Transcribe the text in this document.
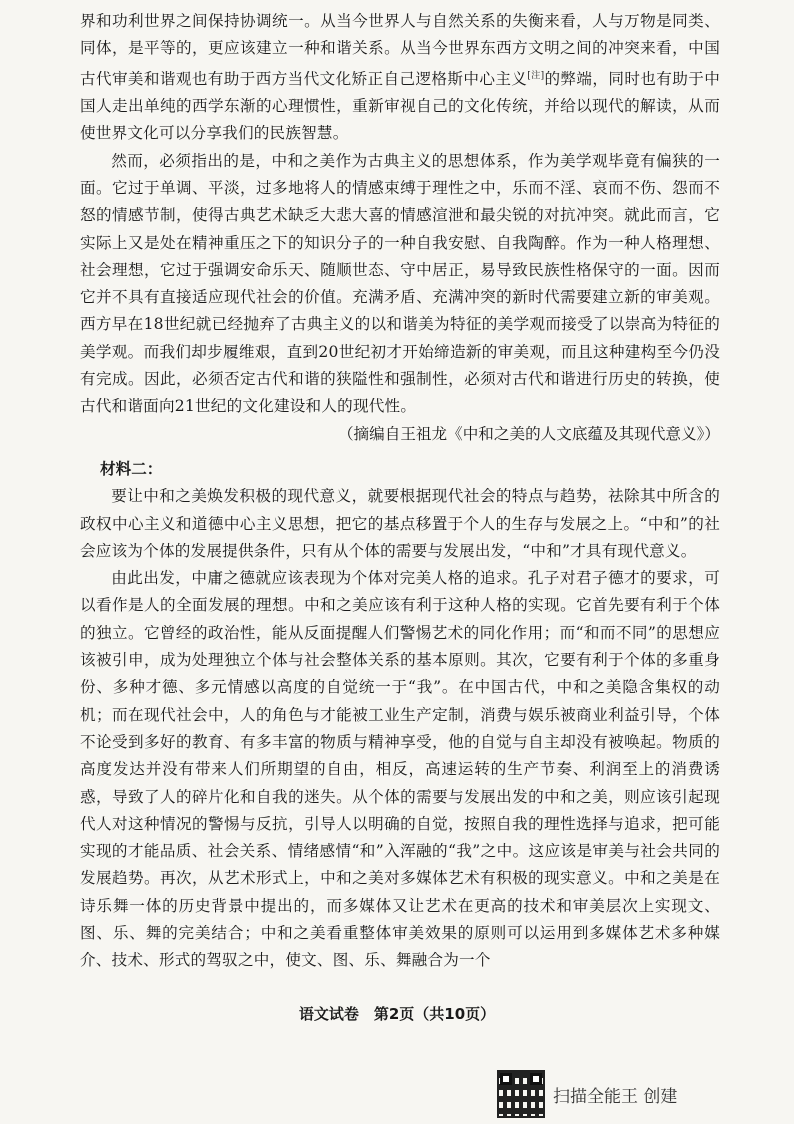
界和功利世界之间保持协调统一。从当今世界人与自然关系的失衡来看，人与万物是同类、同体，是平等的，更应该建立一种和谐关系。从当今世界东西方文明之间的冲突来看，中国古代审美和谐观也有助于西方当代文化矫正自己逻格斯中心主义[注]的弊端，同时也有助于中国人走出单纯的西学东渐的心理惯性，重新审视自己的文化传统，并给以现代的解读，从而使世界文化可以分享我们的民族智慧。

然而，必须指出的是，中和之美作为古典主义的思想体系，作为美学观毕竟有偏狭的一面。它过于单调、平淡，过多地将人的情感束缚于理性之中，乐而不淫、哀而不伤、怨而不怒的情感节制，使得古典艺术缺乏大悲大喜的情感渲泄和最尖锐的对抗冲突。就此而言，它实际上又是处在精神重压之下的知识分子的一种自我安慰、自我陶醉。作为一种人格理想、社会理想，它过于强调安命乐天、随顺世态、守中居正，易导致民族性格保守的一面。因而它并不具有直接适应现代社会的价值。充满矛盾、充满冲突的新时代需要建立新的审美观。西方早在18世纪就已经抛弃了古典主义的以和谐美为特征的美学观而接受了以崇高为特征的美学观。而我们却步履维艰，直到20世纪初才开始缔造新的审美观，而且这种建构至今仍没有完成。因此，必须否定古代和谐的狭隘性和强制性，必须对古代和谐进行历史的转换，使古代和谐面向21世纪的文化建设和人的现代性。

（摘编自王祖龙《中和之美的人文底蕴及其现代意义》）

材料二：

要让中和之美焕发积极的现代意义，就要根据现代社会的特点与趋势，祛除其中所含的政权中心主义和道德中心主义思想，把它的基点移置于个人的生存与发展之上。“中和”的社会应该为个体的发展提供条件，只有从个体的需要与发展出发，“中和”才具有现代意义。

由此出发，中庸之德就应该表现为个体对完美人格的追求。孔子对君子德才的要求，可以看作是人的全面发展的理想。中和之美应该有利于这种人格的实现。它首先要有利于个体的独立。它曾经的政治性，能从反面提醒人们警惕艺术的同化作用；而“和而不同”的思想应该被引申，成为处理独立个体与社会整体关系的基本原则。其次，它要有利于个体的多重身份、多种才德、多元情感以高度的自觉统一于“我”。在中国古代，中和之美隐含集权的动机；而在现代社会中，人的角色与才能被工业生产定制，消费与娱乐被商业利益引导，个体不论受到多好的教育、有多丰富的物质与精神享受，他的自觉与自主却没有被唤起。物质的高度发达并没有带来人们所期望的自由，相反，高速运转的生产节奏、利润至上的消费诱惑，导致了人的碎片化和自我的迷失。从个体的需要与发展出发的中和之美，则应该引起现代人对这种情况的警惕与反抗，引导人以明确的自觉，按照自我的理性选择与追求，把可能实现的才能品质、社会关系、情绪感情“和”入浑融的“我”之中。这应该是审美与社会共同的发展趋势。再次，从艺术形式上，中和之美对多媒体艺术有积极的现实意义。中和之美是在诗乐舞一体的历史背景中提出的，而多媒体又让艺术在更高的技术和审美层次上实现文、图、乐、舞的完美结合；中和之美看重整体审美效果的原则可以运用到多媒体艺术多种媒介、技术、形式的驾驭之中，使文、图、乐、舞融合为一个

语文试卷　第2页（共10页）
扫描全能王 创建
